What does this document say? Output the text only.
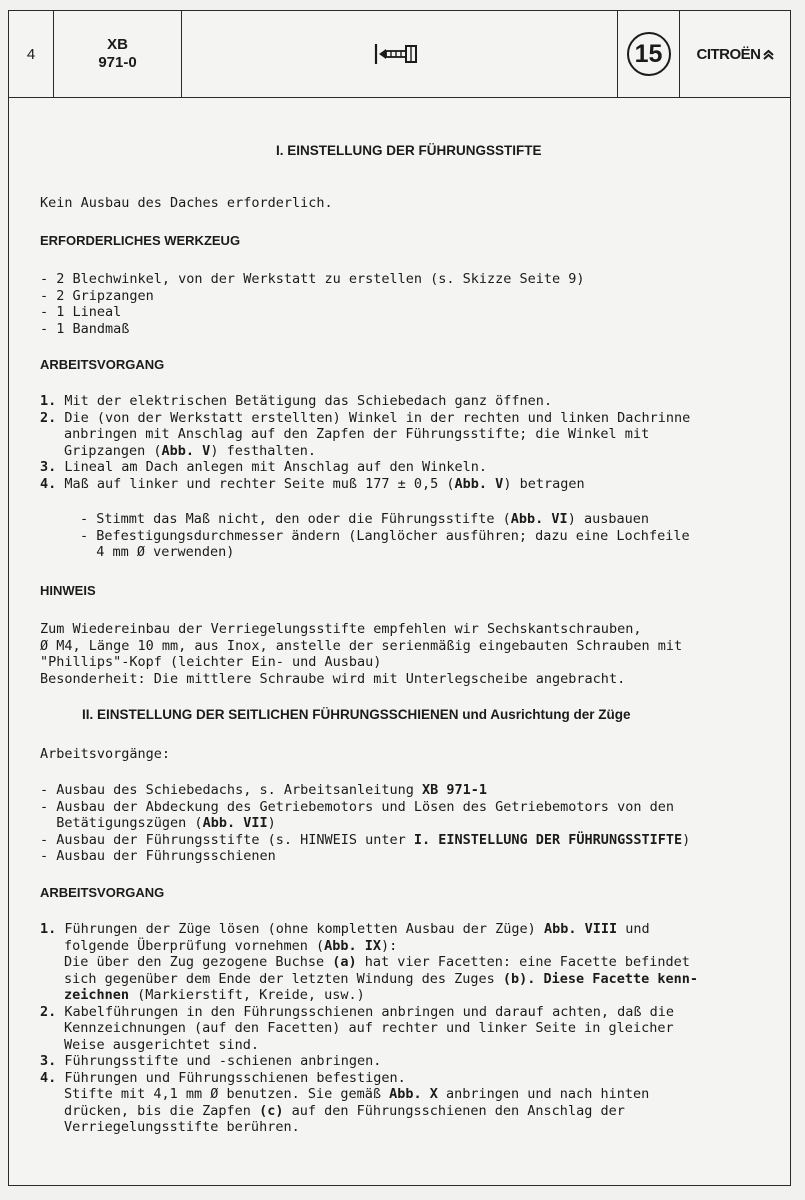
4
XB
971-0	15	CITROËN
I. EINSTELLUNG DER FÜHRUNGSSTIFTE
Kein Ausbau des Daches erforderlich.
ERFORDERLICHES WERKZEUG
- 2 Blechwinkel, von der Werkstatt zu erstellen (s. Skizze Seite 9)
- 2 Gripzangen
- 1 Lineal
- 1 Bandmaß
ARBEITSVORGANG
1. Mit der elektrischen Betätigung das Schiebedach ganz öffnen.
2. Die (von der Werkstatt erstellten) Winkel in der rechten und linken Dachrinne
anbringen mit Anschlag auf den Zapfen der Führungsstifte; die Winkel mit
Gripzangen (Abb. V) festhalten.
3. Lineal am Dach anlegen mit Anschlag auf den Winkeln.
4. Maß auf linker und rechter Seite muß 177 ± 0,5 (Abb. V) betragen
- Stimmt das Maß nicht, den oder die Führungsstifte (Abb. VI) ausbauen
- Befestigungsdurchmesser ändern (Langlöcher ausführen; dazu eine Lochfeile
4 mm Ø verwenden)
HINWEIS
Zum Wiedereinbau der Verriegelungsstifte empfehlen wir Sechskantschrauben,
Ø M4, Länge 10 mm, aus Inox, anstelle der serienmäßig eingebauten Schrauben mit
"Phillips"-Kopf (leichter Ein- und Ausbau)
Besonderheit: Die mittlere Schraube wird mit Unterlegscheibe angebracht.
II. EINSTELLUNG DER SEITLICHEN FÜHRUNGSSCHIENEN und Ausrichtung der Züge
Arbeitsvorgänge:
- Ausbau des Schiebedachs, s. Arbeitsanleitung XB 971-1
- Ausbau der Abdeckung des Getriebemotors und Lösen des Getriebemotors von den
Betätigungszügen (Abb. VII)
- Ausbau der Führungsstifte (s. HINWEIS unter I. EINSTELLUNG DER FÜHRUNGSSTIFTE)
- Ausbau der Führungsschienen
ARBEITSVORGANG
1. Führungen der Züge lösen (ohne kompletten Ausbau der Züge) Abb. VIII und
folgende Überprüfung vornehmen (Abb. IX):
Die über den Zug gezogene Buchse (a) hat vier Facetten: eine Facette befindet
sich gegenüber dem Ende der letzten Windung des Zuges (b). Diese Facette kenn-
zeichnen (Markierstift, Kreide, usw.)
2. Kabelführungen in den Führungsschienen anbringen und darauf achten, daß die
Kennzeichnungen (auf den Facetten) auf rechter und linker Seite in gleicher
Weise ausgerichtet sind.
3. Führungsstifte und -schienen anbringen.
4. Führungen und Führungsschienen befestigen.
Stifte mit 4,1 mm Ø benutzen. Sie gemäß Abb. X anbringen und nach hinten
drücken, bis die Zapfen (c) auf den Führungsschienen den Anschlag der
Verriegelungsstifte berühren.
